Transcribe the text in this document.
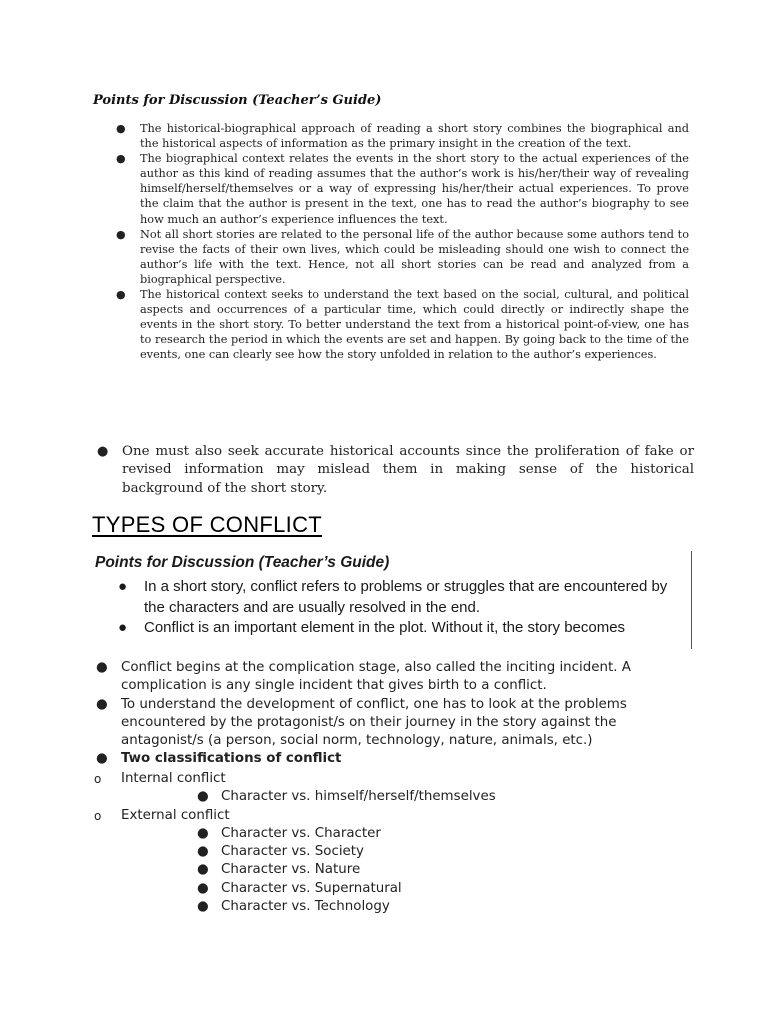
Points for Discussion (Teacher’s Guide)
● The historical-biographical approach of reading a short story combines the biographical and the historical aspects of information as the primary insight in the creation of the text.
● The biographical context relates the events in the short story to the actual experiences of the author as this kind of reading assumes that the author’s work is his/her/their way of revealing himself/herself/themselves or a way of expressing his/her/their actual experiences. To prove the claim that the author is present in the text, one has to read the author’s biography to see how much an author’s experience influences the text.
● Not all short stories are related to the personal life of the author because some authors tend to revise the facts of their own lives, which could be misleading should one wish to connect the author’s life with the text. Hence, not all short stories can be read and analyzed from a biographical perspective.
● The historical context seeks to understand the text based on the social, cultural, and political aspects and occurrences of a particular time, which could directly or indirectly shape the events in the short story. To better understand the text from a historical point-of-view, one has to research the period in which the events are set and happen. By going back to the time of the events, one can clearly see how the story unfolded in relation to the author’s experiences.
● One must also seek accurate historical accounts since the proliferation of fake or revised information may mislead them in making sense of the historical background of the short story.
TYPES OF CONFLICT
Points for Discussion (Teacher’s Guide)
● In a short story, conflict refers to problems or struggles that are encountered by the characters and are usually resolved in the end.
● Conflict is an important element in the plot. Without it, the story becomes
● Conflict begins at the complication stage, also called the inciting incident. A complication is any single incident that gives birth to a conflict.
● To understand the development of conflict, one has to look at the problems encountered by the protagonist/s on their journey in the story against the antagonist/s (a person, social norm, technology, nature, animals, etc.)
● Two classifications of conflict
o Internal conflict
● Character vs. himself/herself/themselves
o External conflict
● Character vs. Character
● Character vs. Society
● Character vs. Nature
● Character vs. Supernatural
● Character vs. Technology
